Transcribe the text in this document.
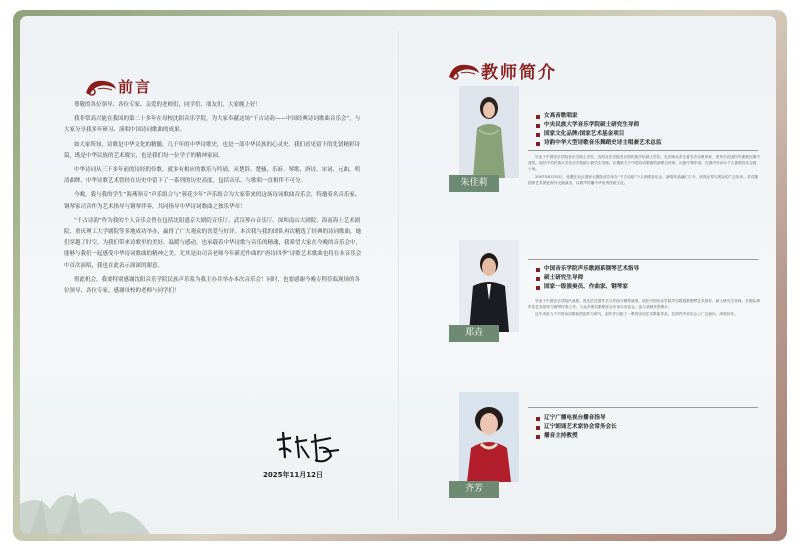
前言

尊敬的各位领导、各位专家、亲爱的老师们、同学们、朋友们，大家晚上好！

我非常高兴能在我国的第二十多年在母校沈阳音乐学院，为大家奉献这场“千古诗韵——中国经典诗词歌曲音乐会”，与大家分享我多年研习、演唱中国诗词歌曲的成果。

如大家所知，诗歌是中华文化的精髓，几千年的中华诗歌史，也是一部中华民族的心灵史。我们看见留下的先贤精彩诗篇，既是中华民族的艺术瑰宝，也是我们每一位学子的精神家园。

中华诗词从三千多年前的诗经的伶歌，就多有相应的歌乐与吟诵，从楚辞、楚骚、乐府、琴歌、唐诗、宋词、元曲，明清曲牌、中华诗歌艺术曾经在历史中留下了一系列的历史高度，包括音乐、与歌唱一直相伴不可分。

今晚，我与我的学生“海燕领专”声乐组合与“蓉花少年”声乐组合为大家带来的这场诗词歌曲音乐会，特邀着名音乐家、钢琴家司音作为艺术指导与钢琴伴奏，共同指导中华诗词歌曲之独乐华章！

“千古诗韵”作为我的个人音乐会曾在包括沈阳盛京大剧院音乐厅、武汉琴台音乐厅、深圳南山大剧院、海南海上艺术剧院、重庆理工大学剧院等多地成功举办，赢得了广大观众的喜爱与好评。本次我与我的团队再次精选了经典的诗词歌曲，她们穿越了时空，为我们带来诗歌里的美好、温暖与感动，也承载着中华诗歌与音乐的精魂，我希望大家在今晚的音乐会中，能够与我们一起感受中华诗词歌曲的精神之美。尤其是由司音老师今年新近作曲的“唐诗四季”诗歌艺术歌曲也将在本音乐会中首次演唱，我也在此表示深深的谢意。

借此机会，我要特别感谢沈阳音乐学院民族声乐系为我主办并举办本次音乐会！同时，也要感谢今晚专程莅临现场的各位领导、各位专家、感谢母校的老师与同学们！

2025年11月12日
教师简介
朱佳莉
女高音歌唱家
中央民族大学音乐学院硕士研究生导师
国家文化品牌/国家艺术基金项目
诗韵中华大型诗歌音乐舞蹈史诗主唱兼艺术总监

毕业于中国音乐学院音乐学硕士学位，沈阳音乐学院音乐国民族声乐硕士学位。先后师从多位著名声乐教育家，曾多次在国内外重要比赛中获奖。现任中央民族大学音乐学院硕士研究生导师，长期致力于中国诗词歌曲的演唱与传承，出版专辑多部，在国内外举办个人独唱音乐会数十场。

2007年6月30日，受邀在北京国家大剧院成功举办“千古诗韵”个人独唱音乐会，演唱作品融汇古今，获得业界与观众的广泛好评。多次随国家艺术团赴海外交流演出，以歌声传播中华优秀传统文化。

郑垚
中国音乐学院声乐歌剧系钢琴艺术指导
硕士研究生导师
国家一级演奏员、作曲家、钢琴家

毕业于中国音乐学院作曲系，曾先后在国外学习作曲与钢琴演奏，现任中国音乐学院声乐歌剧系钢琴艺术指导、硕士研究生导师。长期从事声乐艺术指导与钢琴伴奏工作，与众多著名歌唱家合作举办音乐会，参与录制多张唱片。

近年来致力于中国诗词歌曲的创作与研究，创作并出版了一系列诗词艺术歌曲作品，在国内外音乐会上广泛演出，深受好评。

齐芳
辽宁广播电视台播音指导
辽宁朗诵艺术家协会常务会长
播音主持教授
